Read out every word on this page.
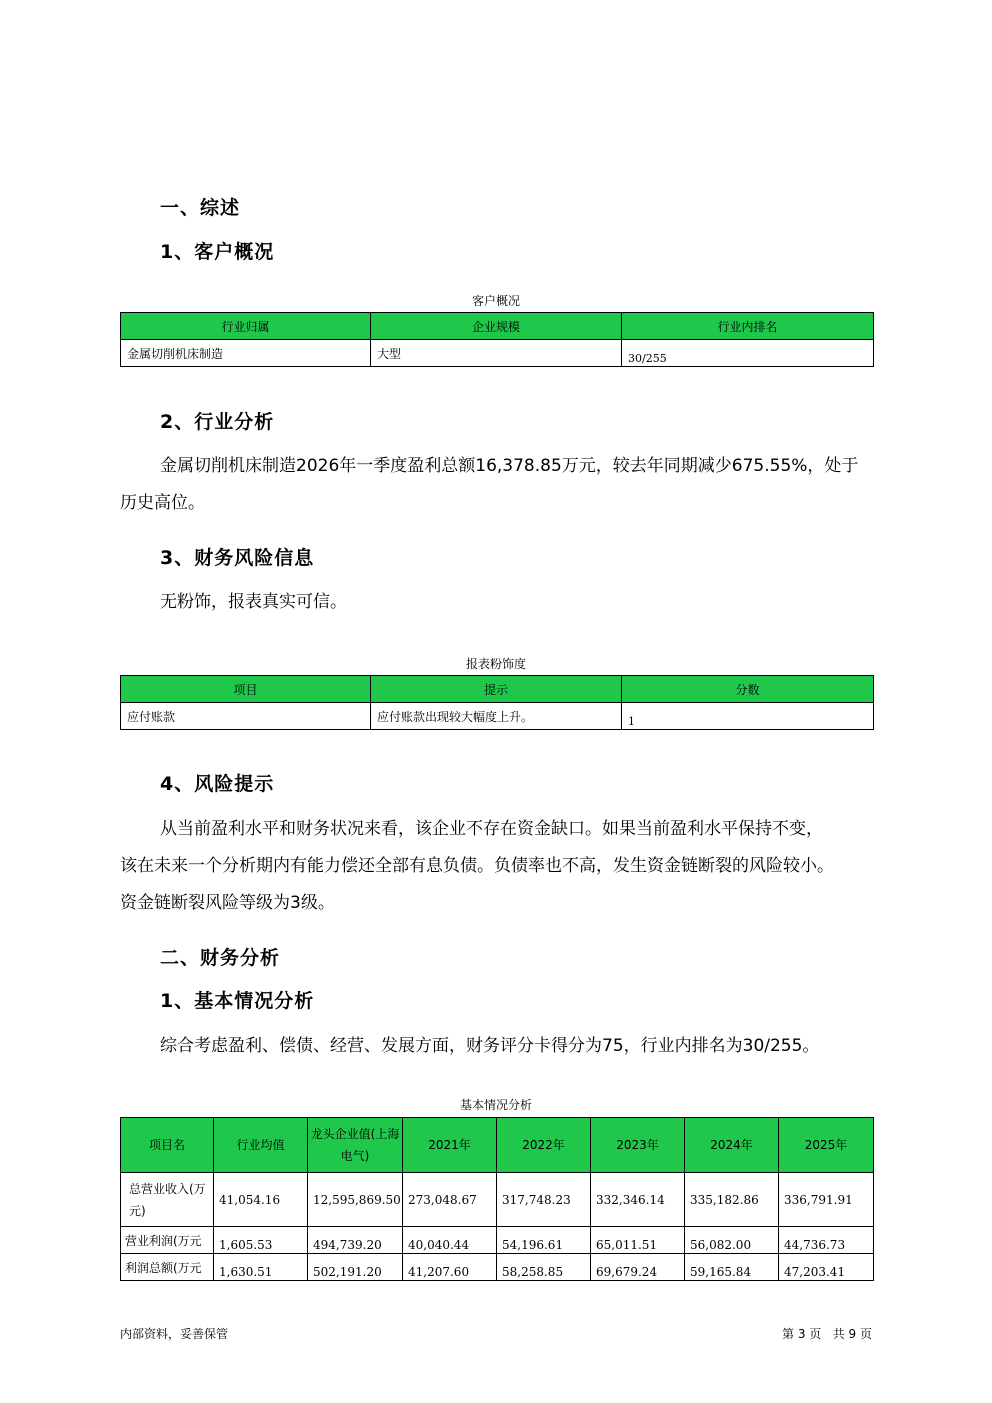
一、综述
1、客户概况
客户概况
行业归属	企业规模	行业内排名
金属切削机床制造	大型	30/255
2、行业分析
金属切削机床制造2026年一季度盈利总额16,378.85万元，较去年同期减少675.55%，处于
历史高位。
3、财务风险信息
无粉饰，报表真实可信。
报表粉饰度
项目	提示	分数
应付账款	应付账款出现较大幅度上升。	1
4、风险提示
从当前盈利水平和财务状况来看，该企业不存在资金缺口。如果当前盈利水平保持不变，
该在未来一个分析期内有能力偿还全部有息负债。负债率也不高，发生资金链断裂的风险较小。
资金链断裂风险等级为3级。
二、财务分析
1、基本情况分析
综合考虑盈利、偿债、经营、发展方面，财务评分卡得分为75，行业内排名为30/255。
基本情况分析
项目名	行业均值	龙头企业值(上海电气)	2021年	2022年	2023年	2024年	2025年
总营业收入(万元)	41,054.16	12,595,869.50	273,048.67	317,748.23	332,346.14	335,182.86	336,791.91
营业利润(万元	1,605.53	494,739.20	40,040.44	54,196.61	65,011.51	56,082.00	44,736.73
利润总额(万元	1,630.51	502,191.20	41,207.60	58,258.85	69,679.24	59,165.84	47,203.41
内部资料，妥善保管	第 3 页   共 9 页
